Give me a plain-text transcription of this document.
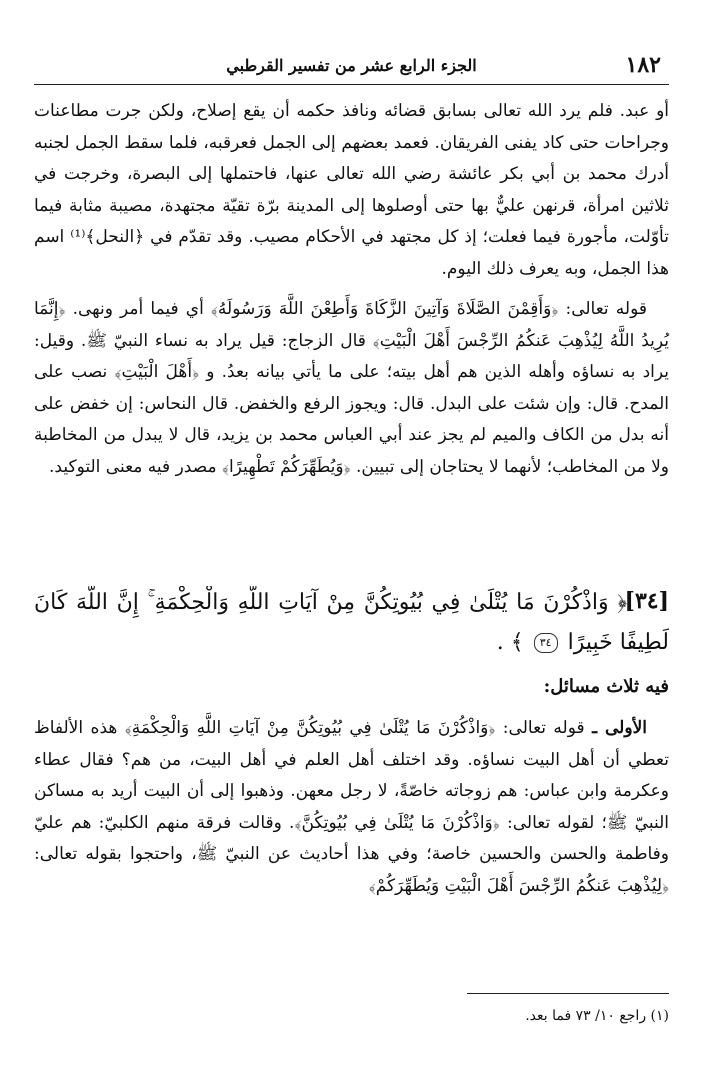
١٨٢
الجزء الرابع عشر من تفسير القرطبي

أو عبد. فلم يرد الله تعالى بسابق قضائه ونافذ حكمه أن يقع إصلاح، ولكن جرت مطاعنات وجراحات حتى كاد يفنى الفريقان. فعمد بعضهم إلى الجمل فعرقبه، فلما سقط الجمل لجنبه أدرك محمد بن أبي بكر عائشة رضي الله تعالى عنها، فاحتملها إلى البصرة، وخرجت في ثلاثين امرأة، قرنهن عليٌّ بها حتى أوصلوها إلى المدينة برّة تقيّة مجتهدة، مصيبة مثابة فيما تأوّلت، مأجورة فيما فعلت؛ إذ كل مجتهد في الأحكام مصيب. وقد تقدّم في ﴿النحل﴾⁽¹⁾ اسم هذا الجمل، وبه يعرف ذلك اليوم.

قوله تعالى: ﴿وَأَقِمْنَ الصَّلَاةَ وَآتِينَ الزَّكَاةَ وَأَطِعْنَ اللَّهَ وَرَسُولَهُ﴾ أي فيما أمر ونهى. ﴿إِنَّمَا يُرِيدُ اللَّهُ لِيُذْهِبَ عَنكُمُ الرِّجْسَ أَهْلَ الْبَيْتِ﴾ قال الزجاج: قيل يراد به نساء النبيّ ﷺ. وقيل: يراد به نساؤه وأهله الذين هم أهل بيته؛ على ما يأتي بيانه بعدُ. و ﴿أَهْلَ الْبَيْتِ﴾ نصب على المدح. قال: وإن شئت على البدل. قال: ويجوز الرفع والخفض. قال النحاس: إن خفض على أنه بدل من الكاف والميم لم يجز عند أبي العباس محمد بن يزيد، قال لا يبدل من المخاطبة ولا من المخاطب؛ لأنهما لا يحتاجان إلى تبيين. ﴿وَيُطَهِّرَكُمْ تَطْهِيرًا﴾ مصدر فيه معنى التوكيد.

[٣٤]
﴿ وَاذْكُرْنَ مَا يُتْلَىٰ فِي بُيُوتِكُنَّ مِنْ آيَاتِ اللَّهِ وَالْحِكْمَةِ ۚ إِنَّ اللَّهَ كَانَ
لَطِيفًا خَبِيرًا ٣٤ ﴾ .
فيه ثلاث مسائل:

الأولى ـ قوله تعالى: ﴿وَاذْكُرْنَ مَا يُتْلَىٰ فِي بُيُوتِكُنَّ مِنْ آيَاتِ اللَّهِ وَالْحِكْمَةِ﴾ هذه الألفاظ تعطي أن أهل البيت نساؤه. وقد اختلف أهل العلم في أهل البيت، من هم؟ فقال عطاء وعكرمة وابن عباس: هم زوجاته خاصّةً، لا رجل معهن. وذهبوا إلى أن البيت أريد به مساكن النبيّ ﷺ؛ لقوله تعالى: ﴿وَاذْكُرْنَ مَا يُتْلَىٰ فِي بُيُوتِكُنَّ﴾. وقالت فرقة منهم الكلبيّ: هم عليّ وفاطمة والحسن والحسين خاصة؛ وفي هذا أحاديث عن النبيّ ﷺ، واحتجوا بقوله تعالى: ﴿لِيُذْهِبَ عَنكُمُ الرِّجْسَ أَهْلَ الْبَيْتِ وَيُطَهِّرَكُمْ﴾

(١) راجع ١٠/ ٧٣ فما بعد.
